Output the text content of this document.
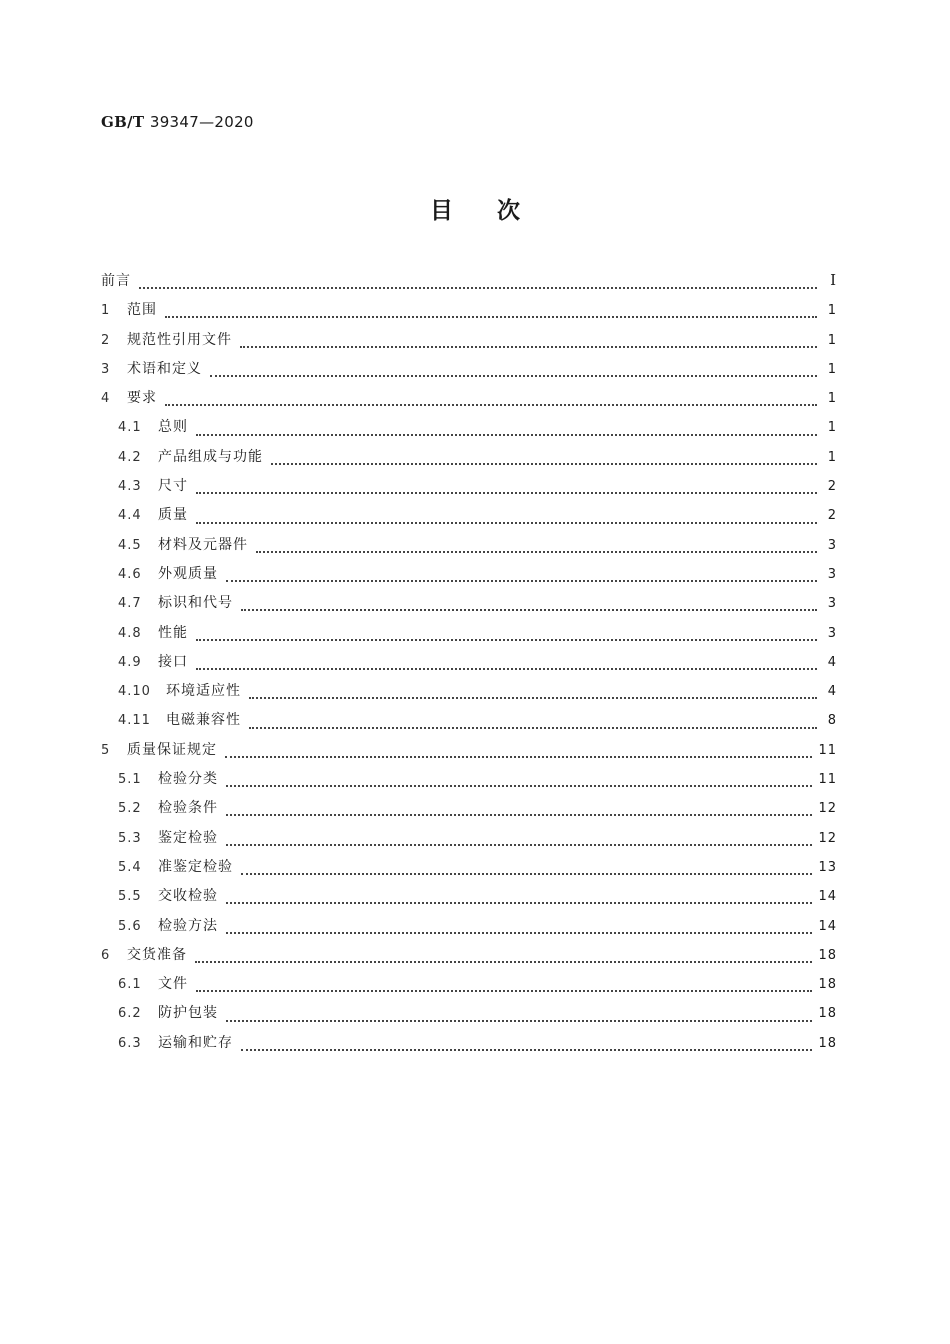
GB/T 39347—2020
目次
前言	I
1	范围	1
2	规范性引用文件	1
3	术语和定义	1
4	要求	1
4.1	总则	1
4.2	产品组成与功能	1
4.3	尺寸	2
4.4	质量	2
4.5	材料及元器件	3
4.6	外观质量	3
4.7	标识和代号	3
4.8	性能	3
4.9	接口	4
4.10	环境适应性	4
4.11	电磁兼容性	8
5	质量保证规定	11
5.1	检验分类	11
5.2	检验条件	12
5.3	鉴定检验	12
5.4	准鉴定检验	13
5.5	交收检验	14
5.6	检验方法	14
6	交货准备	18
6.1	文件	18
6.2	防护包装	18
6.3	运输和贮存	18
